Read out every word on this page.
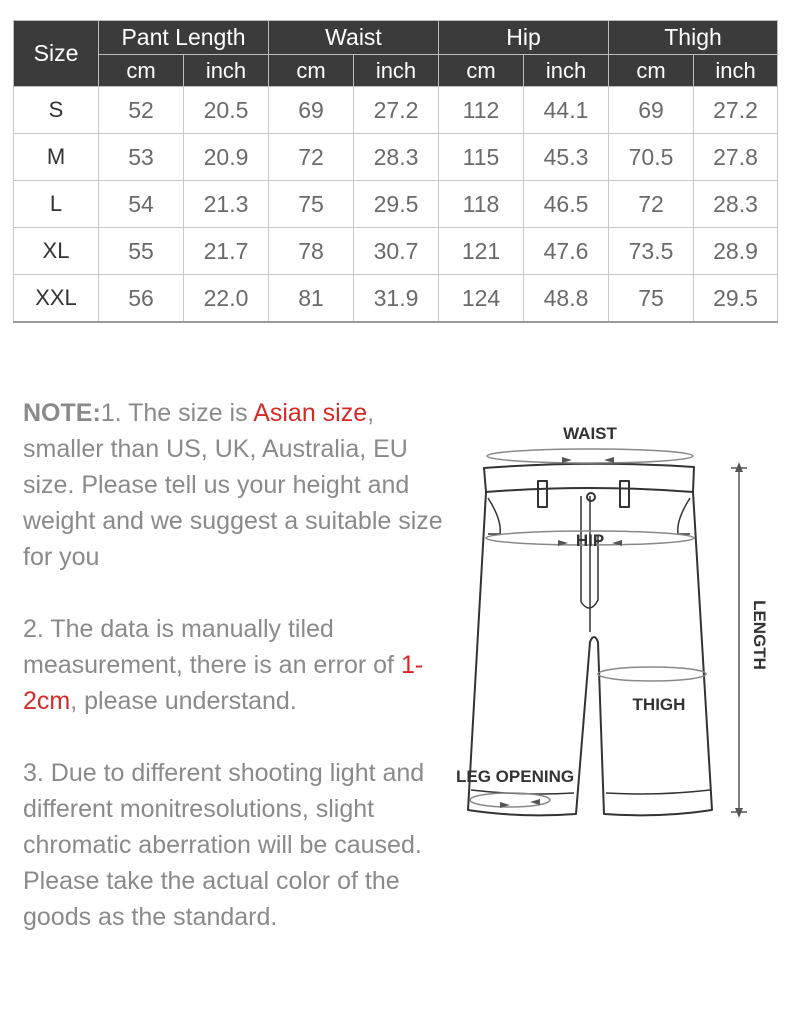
Size	Pant Length		Waist		Hip		Thigh	
	cm	inch	cm	inch	cm	inch	cm	inch
S	52	20.5	69	27.2	112	44.1	69	27.2
M	53	20.9	72	28.3	115	45.3	70.5	27.8
L	54	21.3	75	29.5	118	46.5	72	28.3
XL	55	21.7	78	30.7	121	47.6	73.5	28.9
XXL	56	22.0	81	31.9	124	48.8	75	29.5

NOTE:1. The size is Asian size, smaller than US, UK, Australia, EU size. Please tell us your height and weight and we suggest a suitable size for you

2. The data is manually tiled measurement, there is an error of 1-2cm, please understand.

3. Due to different shooting light and different monitresolutions, slight chromatic aberration will be caused. Please take the actual color of the goods as the standard.

WAIST
HIP
THIGH
LEG OPENING
LENGTH
